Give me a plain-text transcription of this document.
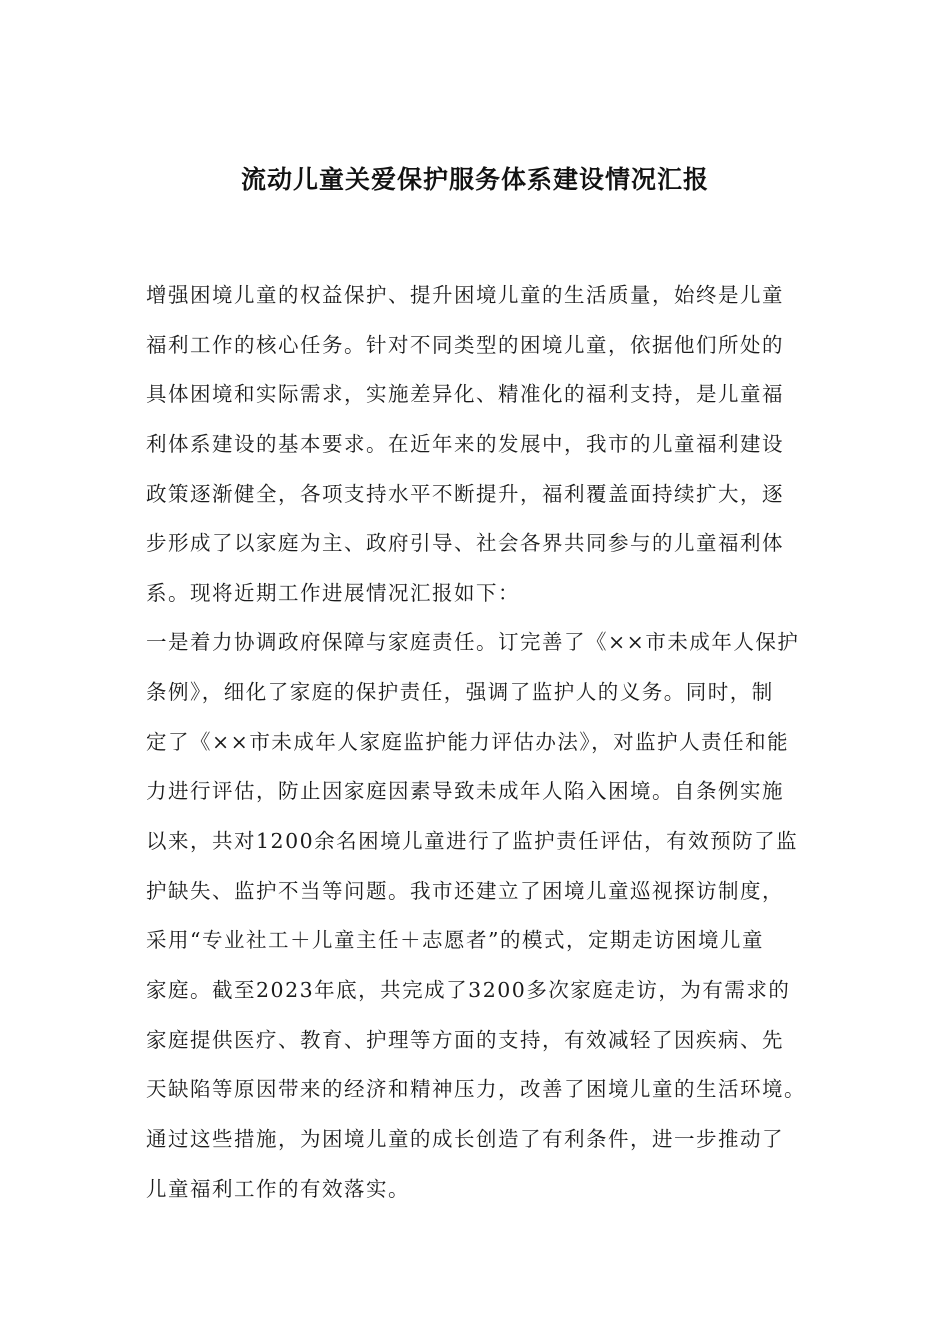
流动儿童关爱保护服务体系建设情况汇报
增强困境儿童的权益保护、提升困境儿童的生活质量，始终是儿童
福利工作的核心任务。针对不同类型的困境儿童，依据他们所处的
具体困境和实际需求，实施差异化、精准化的福利支持，是儿童福
利体系建设的基本要求。在近年来的发展中，我市的儿童福利建设
政策逐渐健全，各项支持水平不断提升，福利覆盖面持续扩大，逐
步形成了以家庭为主、政府引导、社会各界共同参与的儿童福利体
系。现将近期工作进展情况汇报如下：
一是着力协调政府保障与家庭责任。订完善了《××市未成年人保护
条例》，细化了家庭的保护责任，强调了监护人的义务。同时，制
定了《××市未成年人家庭监护能力评估办法》，对监护人责任和能
力进行评估，防止因家庭因素导致未成年人陷入困境。自条例实施
以来，共对1200余名困境儿童进行了监护责任评估，有效预防了监
护缺失、监护不当等问题。我市还建立了困境儿童巡视探访制度，
采用“专业社工＋儿童主任＋志愿者”的模式，定期走访困境儿童
家庭。截至2023年底，共完成了3200多次家庭走访，为有需求的
家庭提供医疗、教育、护理等方面的支持，有效减轻了因疾病、先
天缺陷等原因带来的经济和精神压力，改善了困境儿童的生活环境。
通过这些措施，为困境儿童的成长创造了有利条件，进一步推动了
儿童福利工作的有效落实。
